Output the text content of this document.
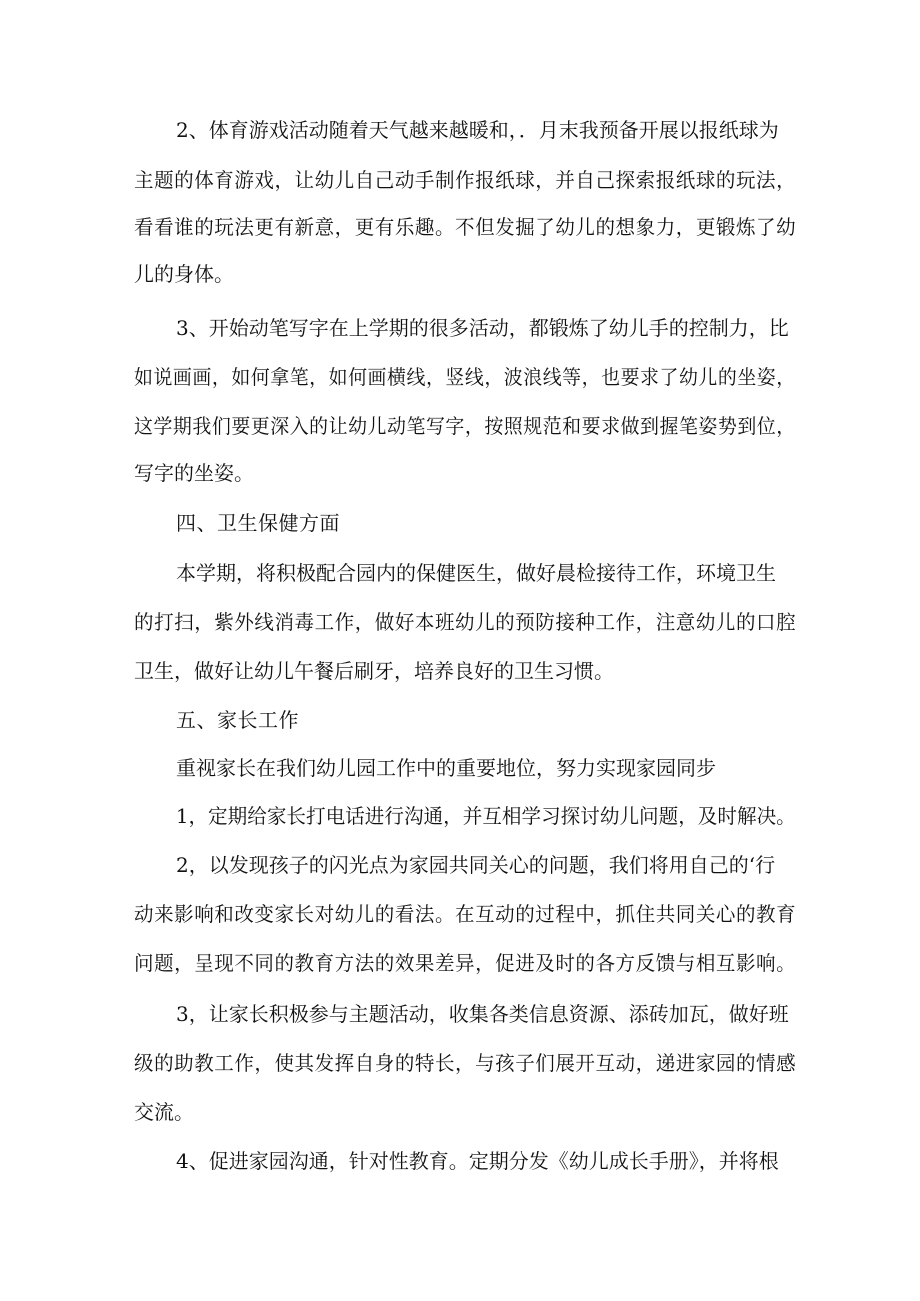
2、体育游戏活动随着天气越来越暖和，．月末我预备开展以报纸球为
主题的体育游戏，让幼儿自己动手制作报纸球，并自己探索报纸球的玩法，
看看谁的玩法更有新意，更有乐趣。不但发掘了幼儿的想象力，更锻炼了幼
儿的身体。
3、开始动笔写字在上学期的很多活动，都锻炼了幼儿手的控制力，比
如说画画，如何拿笔，如何画横线，竖线，波浪线等，也要求了幼儿的坐姿，
这学期我们要更深入的让幼儿动笔写字，按照规范和要求做到握笔姿势到位，
写字的坐姿。
四、卫生保健方面
本学期，将积极配合园内的保健医生，做好晨检接待工作，环境卫生
的打扫，紫外线消毒工作，做好本班幼儿的预防接种工作，注意幼儿的口腔
卫生，做好让幼儿午餐后刷牙，培养良好的卫生习惯。
五、家长工作
重视家长在我们幼儿园工作中的重要地位，努力实现家园同步
1，定期给家长打电话进行沟通，并互相学习探讨幼儿问题，及时解决。
2，以发现孩子的闪光点为家园共同关心的问题，我们将用自己的‘行
动来影响和改变家长对幼儿的看法。在互动的过程中，抓住共同关心的教育
问题，呈现不同的教育方法的效果差异，促进及时的各方反馈与相互影响。
3，让家长积极参与主题活动，收集各类信息资源、添砖加瓦，做好班
级的助教工作，使其发挥自身的特长，与孩子们展开互动，递进家园的情感
交流。
4、促进家园沟通，针对性教育。定期分发《幼儿成长手册》，并将根
